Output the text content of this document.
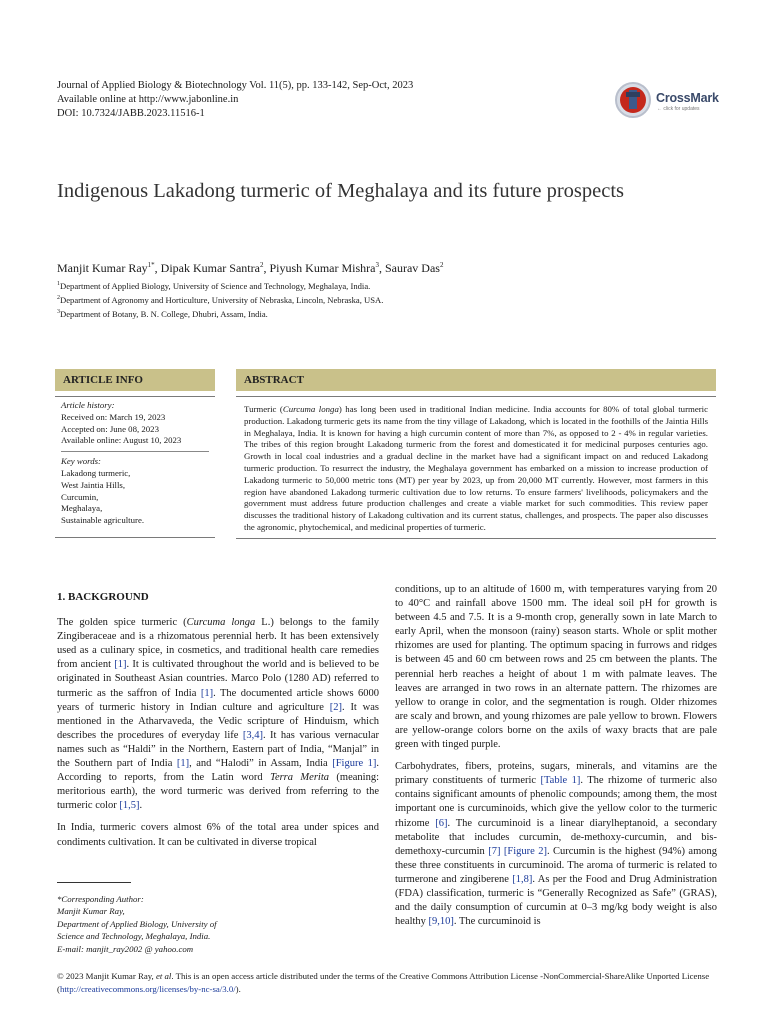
Journal of Applied Biology & Biotechnology Vol. 11(5), pp. 133-142, Sep-Oct, 2023
Available online at http://www.jabonline.in
DOI: 10.7324/JABB.2023.11516-1
CrossMark
← click for updates
Indigenous Lakadong turmeric of Meghalaya and its future prospects
Manjit Kumar Ray$^{1*}$, Dipak Kumar Santra$^2$, Piyush Kumar Mishra$^3$, Saurav Das$^2$
$^1$Department of Applied Biology, University of Science and Technology, Meghalaya, India.
$^2$Department of Agronomy and Horticulture, University of Nebraska, Lincoln, Nebraska, USA.
$^3$Department of Botany, B. N. College, Dhubri, Assam, India.
ARTICLE INFO
Article history:
Received on: March 19, 2023
Accepted on: June 08, 2023
Available online: August 10, 2023
Key words:
Lakadong turmeric,
West Jaintia Hills,
Curcumin,
Meghalaya,
Sustainable agriculture.
ABSTRACT
Turmeric (Curcuma longa) has long been used in traditional Indian medicine. India accounts for 80% of total global turmeric production. Lakadong turmeric gets its name from the tiny village of Lakadong, which is located in the foothills of the Jaintia Hills in Meghalaya, India. It is known for having a high curcumin content of more than 7%, as opposed to 2 - 4% in regular varieties. The tribes of this region brought Lakadong turmeric from the forest and domesticated it for medicinal purposes centuries ago. Growth in local coal industries and a gradual decline in the market have had a significant impact on and reduced Lakadong turmeric production. To resurrect the industry, the Meghalaya government has embarked on a mission to increase production of Lakadong turmeric to 50,000 metric tons (MT) per year by 2023, up from 20,000 MT currently. However, most farmers in this region have abandoned Lakadong turmeric cultivation due to low returns. To ensure farmers' livelihoods, policymakers and the government must address future production challenges and create a viable market for such commodities. This review paper discusses the traditional history of Lakadong cultivation and its current status, challenges, and prospects. The paper also discusses the agronomic, phytochemical, and medicinal properties of turmeric.
1. BACKGROUND

The golden spice turmeric (Curcuma longa L.) belongs to the family Zingiberaceae and is a rhizomatous perennial herb. It has been extensively used as a culinary spice, in cosmetics, and traditional health care remedies from ancient [1]. It is cultivated throughout the world and is believed to be originated in Southeast Asian countries. Marco Polo (1280 AD) referred to turmeric as the saffron of India [1]. The documented article shows 6000 years of turmeric history in Indian culture and agriculture [2]. It was mentioned in the Atharvaveda, the Vedic scripture of Hinduism, which describes the procedures of everyday life [3,4]. It has various vernacular names such as “Haldi” in the Northern, Eastern part of India, “Manjal” in the Southern part of India [1], and “Halodi” in Assam, India [Figure 1]. According to reports, from the Latin word Terra Merita (meaning: meritorious earth), the word turmeric was derived from referring to the turmeric color [1,5].

In India, turmeric covers almost 6% of the total area under spices and condiments cultivation. It can be cultivated in diverse tropical

conditions, up to an altitude of 1600 m, with temperatures varying from 20 to 40°C and rainfall above 1500 mm. The ideal soil pH for growth is between 4.5 and 7.5. It is a 9-month crop, generally sown in late March to early April, when the monsoon (rainy) season starts. Whole or split mother rhizomes are used for planting. The optimum spacing in furrows and ridges is between 45 and 60 cm between rows and 25 cm between the plants. The perennial herb reaches a height of about 1 m with palmate leaves. The leaves are arranged in two rows in an alternate pattern. The rhizomes are yellow to orange in color, and the segmentation is rough. Older rhizomes are scaly and brown, and young rhizomes are pale yellow to brown. Flowers are yellow-orange colors borne on the axils of waxy bracts that are pale green with tinged purple.

Carbohydrates, fibers, proteins, sugars, minerals, and vitamins are the primary constituents of turmeric [Table 1]. The rhizome of turmeric also contains significant amounts of phenolic compounds; among them, the most important one is curcuminoids, which give the yellow color to the turmeric rhizome [6]. The curcuminoid is a linear diarylheptanoid, a secondary metabolite that includes curcumin, de-methoxy-curcumin, and bis-demethoxy-curcumin [7] [Figure 2]. Curcumin is the highest (94%) among these three constituents in curcuminoid. The aroma of turmeric is related to turmerone and zingiberene [1,8]. As per the Food and Drug Administration (FDA) classification, turmeric is “Generally Recognized as Safe” (GRAS), and the daily consumption of curcumin at 0–3 mg/kg body weight is also healthy [9,10]. The curcuminoid is

*Corresponding Author:
Manjit Kumar Ray,
Department of Applied Biology, University of
Science and Technology, Meghalaya, India.
E-mail: manjit_ray2002 @ yahoo.com
© 2023 Manjit Kumar Ray, et al. This is an open access article distributed under the terms of the Creative Commons Attribution License -NonCommercial-ShareAlike Unported License (http://creativecommons.org/licenses/by-nc-sa/3.0/).
